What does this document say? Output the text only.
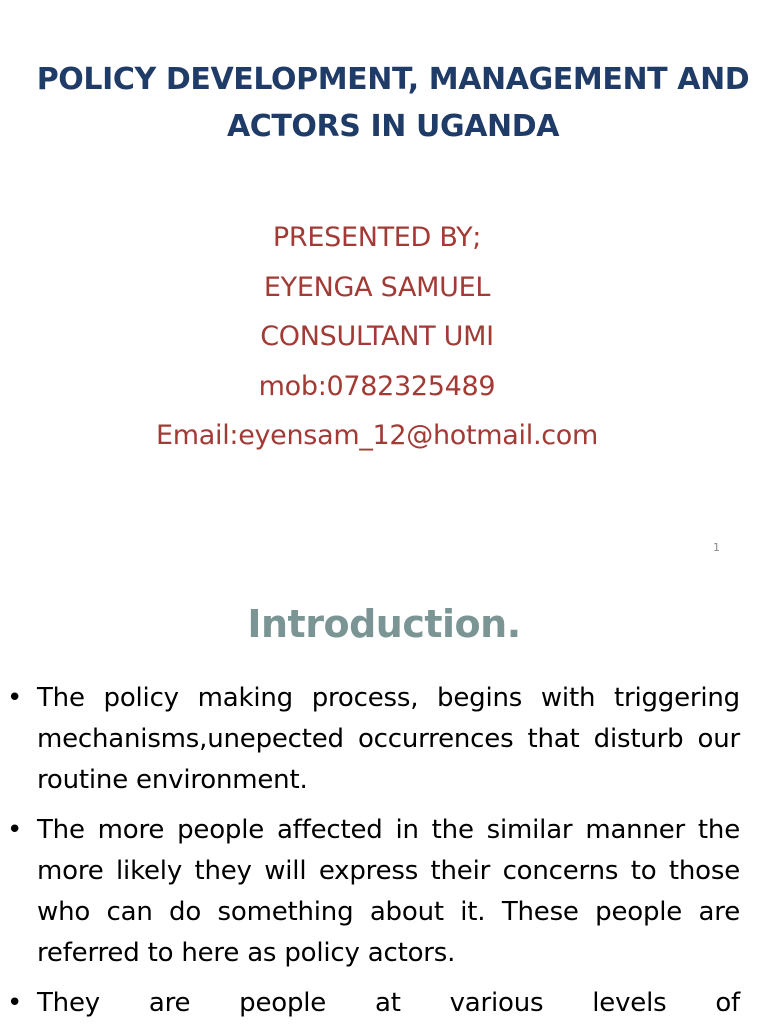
POLICY DEVELOPMENT, MANAGEMENT AND ACTORS IN UGANDA
PRESENTED BY;
EYENGA SAMUEL
CONSULTANT UMI
mob:0782325489
Email:eyensam_12@hotmail.com
1
Introduction.
• The policy making process, begins with triggering mechanisms,unepected occurrences that disturb our routine environment.
• The more people affected in the similar manner the more likely they will express their concerns to those who can do something about it. These people are referred to here as policy actors.
• They are people at various levels of
